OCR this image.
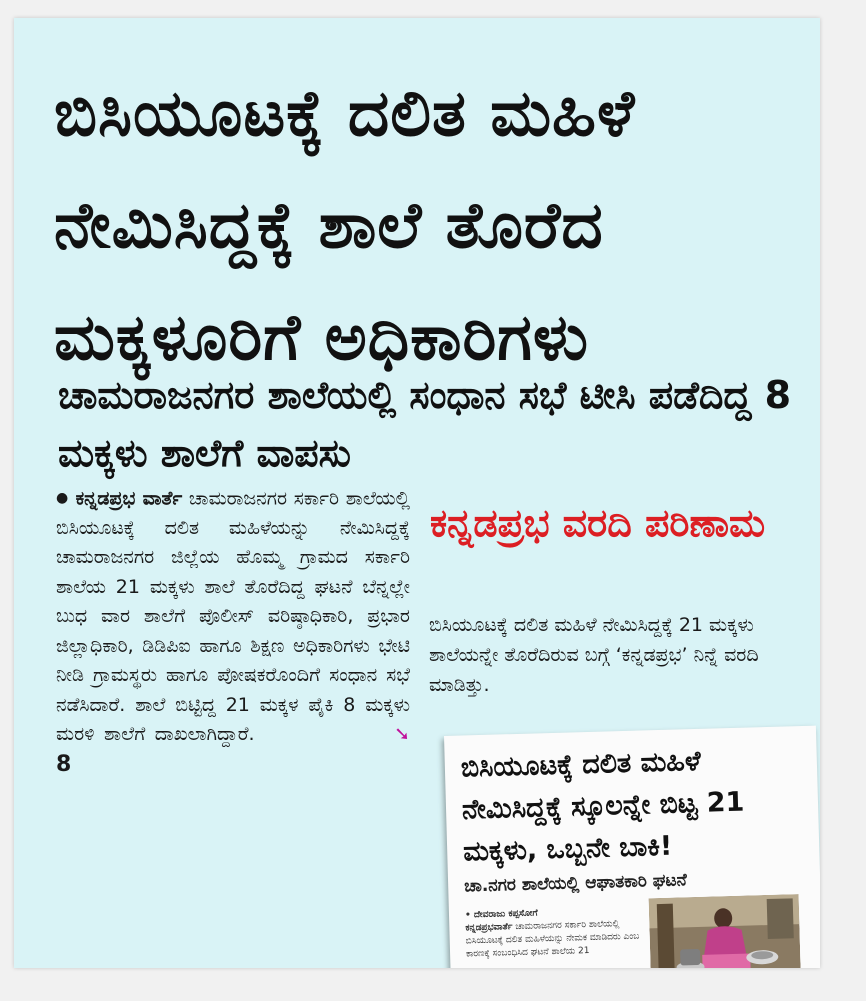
ಬಿಸಿಯೂಟಕ್ಕೆ ದಲಿತ ಮಹಿಳೆ ನೇಮಿಸಿದ್ದಕ್ಕೆ ಶಾಲೆ ತೊರೆದ ಮಕ್ಕಳೂರಿಗೆ ಅಧಿಕಾರಿಗಳು
ಚಾಮರಾಜನಗರ ಶಾಲೆಯಲ್ಲಿ ಸಂಧಾನ ಸಭೆ ಟೀಸಿ ಪಡೆದಿದ್ದ 8 ಮಕ್ಕಳು ಶಾಲೆಗೆ ವಾಪಸು

● ಕನ್ನಡಪ್ರಭ ವಾರ್ತೆ ಚಾಮರಾಜನಗರ ಸರ್ಕಾರಿ ಶಾಲೆಯಲ್ಲಿ ಬಿಸಿಯೂಟಕ್ಕೆ ದಲಿತ ಮಹಿಳೆಯನ್ನು ನೇಮಿಸಿದ್ದಕ್ಕೆ ಚಾಮರಾಜನಗರ ಜಿಲ್ಲೆಯ ಹೊಮ್ಮ ಗ್ರಾಮದ ಸರ್ಕಾರಿ ಶಾಲೆಯ 21 ಮಕ್ಕಳು ಶಾಲೆ ತೊರೆದಿದ್ದ ಘಟನೆ ಬೆನ್ನಲ್ಲೇ ಬುಧ ವಾರ ಶಾಲೆಗೆ ಪೊಲೀಸ್ ವರಿಷ್ಠಾಧಿಕಾರಿ, ಪ್ರಭಾರ ಜಿಲ್ಲಾಧಿಕಾರಿ, ಡಿಡಿಪಿಐ ಹಾಗೂ ಶಿಕ್ಷಣ ಅಧಿಕಾರಿಗಳು ಭೇಟಿ ನೀಡಿ ಗ್ರಾಮಸ್ಥರು ಹಾಗೂ ಪೋಷಕರೊಂದಿಗೆ ಸಂಧಾನ ಸಭೆ ನಡೆಸಿದಾರೆ. ಶಾಲೆ ಬಿಟ್ಟಿದ್ದ 21 ಮಕ್ಕಳ ಪೈಕಿ 8 ಮಕ್ಕಳು ಮರಳಿ ಶಾಲೆಗೆ ದಾಖಲಾಗಿದ್ದಾರೆ.	➘ 8

ಕನ್ನಡಪ್ರಭ ವರದಿ ಪರಿಣಾಮ

ಬಿಸಿಯೂಟಕ್ಕೆ ದಲಿತ ಮಹಿಳೆ ನೇಮಿಸಿದ್ದಕ್ಕೆ 21 ಮಕ್ಕಳು ಶಾಲೆಯನ್ನೇ ತೊರೆದಿರುವ ಬಗ್ಗೆ ‘ಕನ್ನಡಪ್ರಭ’ ನಿನ್ನೆ ವರದಿ ಮಾಡಿತ್ತು.

ಬಿಸಿಯೂಟಕ್ಕೆ ದಲಿತ ಮಹಿಳೆ ನೇಮಿಸಿದ್ದಕ್ಕೆ ಸ್ಕೂಲನ್ನೇ ಬಿಟ್ಟ 21 ಮಕ್ಕಳು, ಒಬ್ಬನೇ ಬಾಕಿ!

ಚಾ.ನಗರ ಶಾಲೆಯಲ್ಲಿ ಆಘಾತಕಾರಿ ಘಟನೆ

• ದೇವರಾಜು ಕಪ್ಪಸೋಗೆ
ಕನ್ನಡಪ್ರಭವಾರ್ತೆ ಚಾಮರಾಜನಗರ ಸರ್ಕಾರಿ ಶಾಲೆಯಲ್ಲಿ ಬಿಸಿಯೂಟಕ್ಕೆ ದಲಿತ ಮಹಿಳೆಯನ್ನು ನೇಮಕ ಮಾಡಿದರು ಎಂಬ ಕಾರಣಕ್ಕೆ ಸಂಬಂಧಿಸಿದ ಘಟನೆ ಶಾಲೆಯ 21
